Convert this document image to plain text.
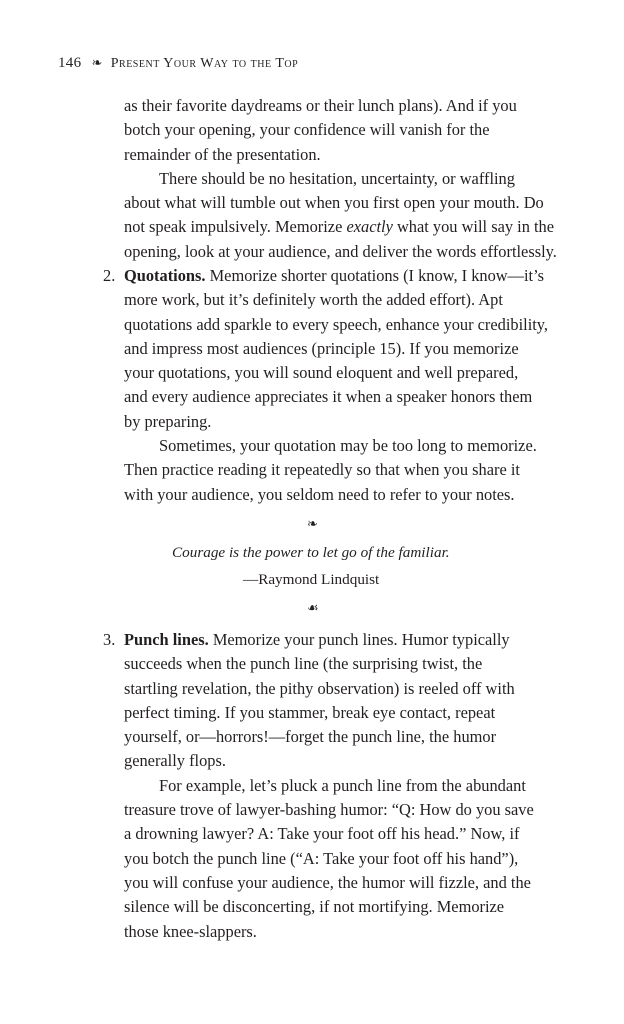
146 ❧ Present Your Way to the Top
as their favorite daydreams or their lunch plans). And if you
botch your opening, your confidence will vanish for the
remainder of the presentation.
There should be no hesitation, uncertainty, or waffling
about what will tumble out when you first open your mouth. Do
not speak impulsively. Memorize exactly what you will say in the
opening, look at your audience, and deliver the words effortlessly.
2. Quotations. Memorize shorter quotations (I know, I know—it’s
more work, but it’s definitely worth the added effort). Apt
quotations add sparkle to every speech, enhance your credibility,
and impress most audiences (principle 15). If you memorize
your quotations, you will sound eloquent and well prepared,
and every audience appreciates it when a speaker honors them
by preparing.
Sometimes, your quotation may be too long to memorize.
Then practice reading it repeatedly so that when you share it
with your audience, you seldom need to refer to your notes.
❧
Courage is the power to let go of the familiar.
—Raymond Lindquist
☙
3. Punch lines. Memorize your punch lines. Humor typically
succeeds when the punch line (the surprising twist, the
startling revelation, the pithy observation) is reeled off with
perfect timing. If you stammer, break eye contact, repeat
yourself, or—horrors!—forget the punch line, the humor
generally flops.
For example, let’s pluck a punch line from the abundant
treasure trove of lawyer-bashing humor: “Q: How do you save
a drowning lawyer? A: Take your foot off his head.” Now, if
you botch the punch line (“A: Take your foot off his hand”),
you will confuse your audience, the humor will fizzle, and the
silence will be disconcerting, if not mortifying. Memorize
those knee-slappers.
